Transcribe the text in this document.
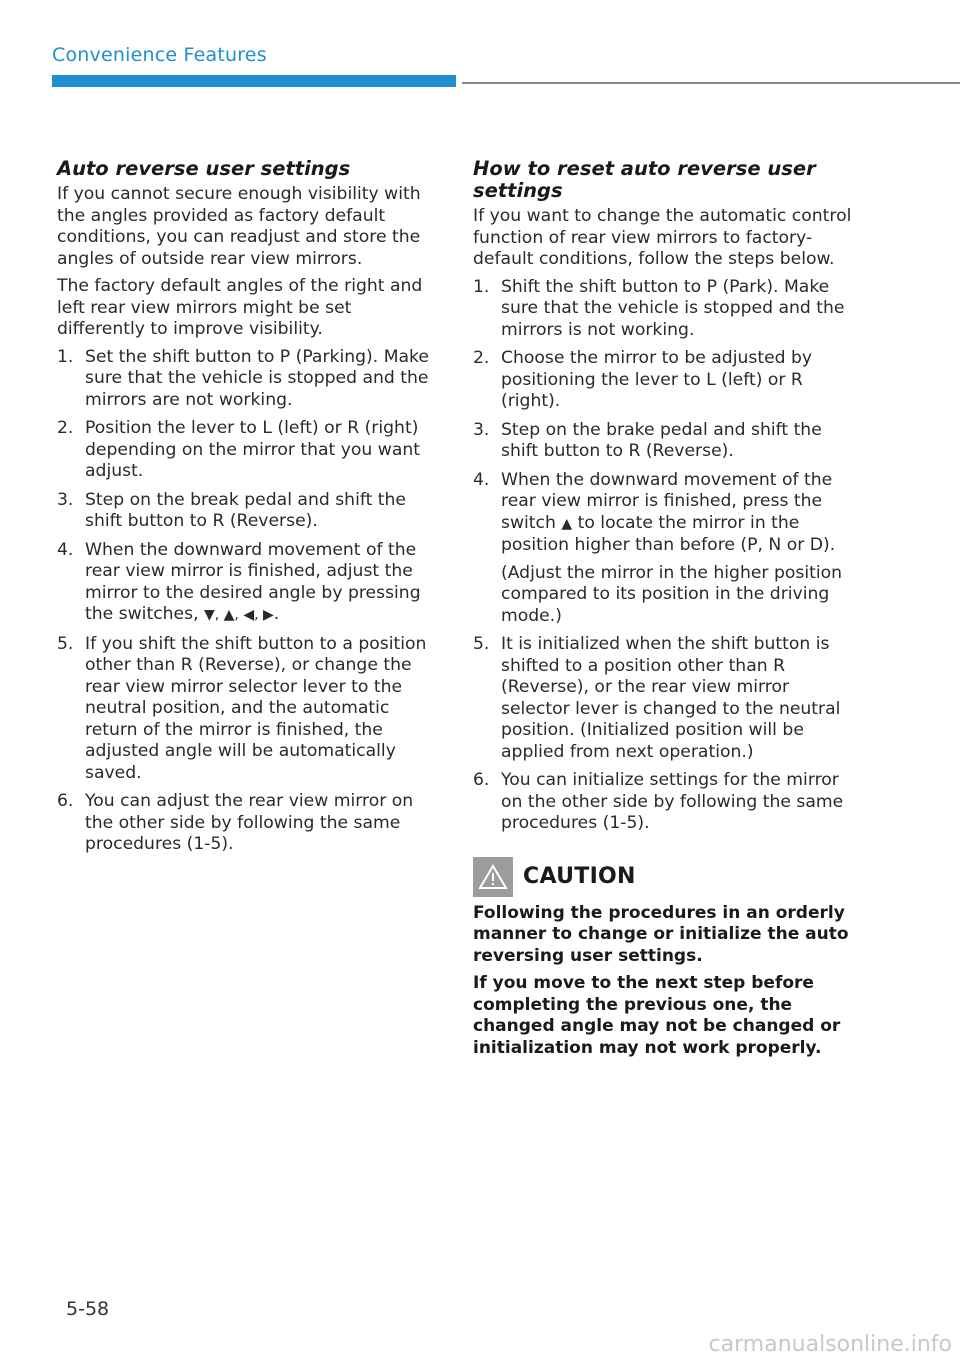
Convenience Features
Auto reverse user settings

If you cannot secure enough visibility with the angles provided as factory default conditions, you can readjust and store the angles of outside rear view mirrors.

The factory default angles of the right and left rear view mirrors might be set differently to improve visibility.

1. Set the shift button to P (Parking). Make sure that the vehicle is stopped and the mirrors are not working.
2. Position the lever to L (left) or R (right) depending on the mirror that you want adjust.
3. Step on the break pedal and shift the shift button to R (Reverse).
4. When the downward movement of the rear view mirror is finished, adjust the mirror to the desired angle by pressing the switches, ▼, ▲, ◀, ▶.
5. If you shift the shift button to a position other than R (Reverse), or change the rear view mirror selector lever to the neutral position, and the automatic return of the mirror is finished, the adjusted angle will be automatically saved.
6. You can adjust the rear view mirror on the other side by following the same procedures (1-5).
How to reset auto reverse user settings

If you want to change the automatic control function of rear view mirrors to factory-default conditions, follow the steps below.

1. Shift the shift button to P (Park). Make sure that the vehicle is stopped and the mirrors is not working.
2. Choose the mirror to be adjusted by positioning the lever to L (left) or R (right).
3. Step on the brake pedal and shift the shift button to R (Reverse).
4. When the downward movement of the rear view mirror is finished, press the switch ▲ to locate the mirror in the position higher than before (P, N or D).
(Adjust the mirror in the higher position compared to its position in the driving mode.)
5. It is initialized when the shift button is shifted to a position other than R (Reverse), or the rear view mirror selector lever is changed to the neutral position. (Initialized position will be applied from next operation.)
6. You can initialize settings for the mirror on the other side by following the same procedures (1-5).
CAUTION

Following the procedures in an orderly manner to change or initialize the auto reversing user settings.

If you move to the next step before completing the previous one, the changed angle may not be changed or initialization may not work properly.

5-58
carmanualsonline.info
